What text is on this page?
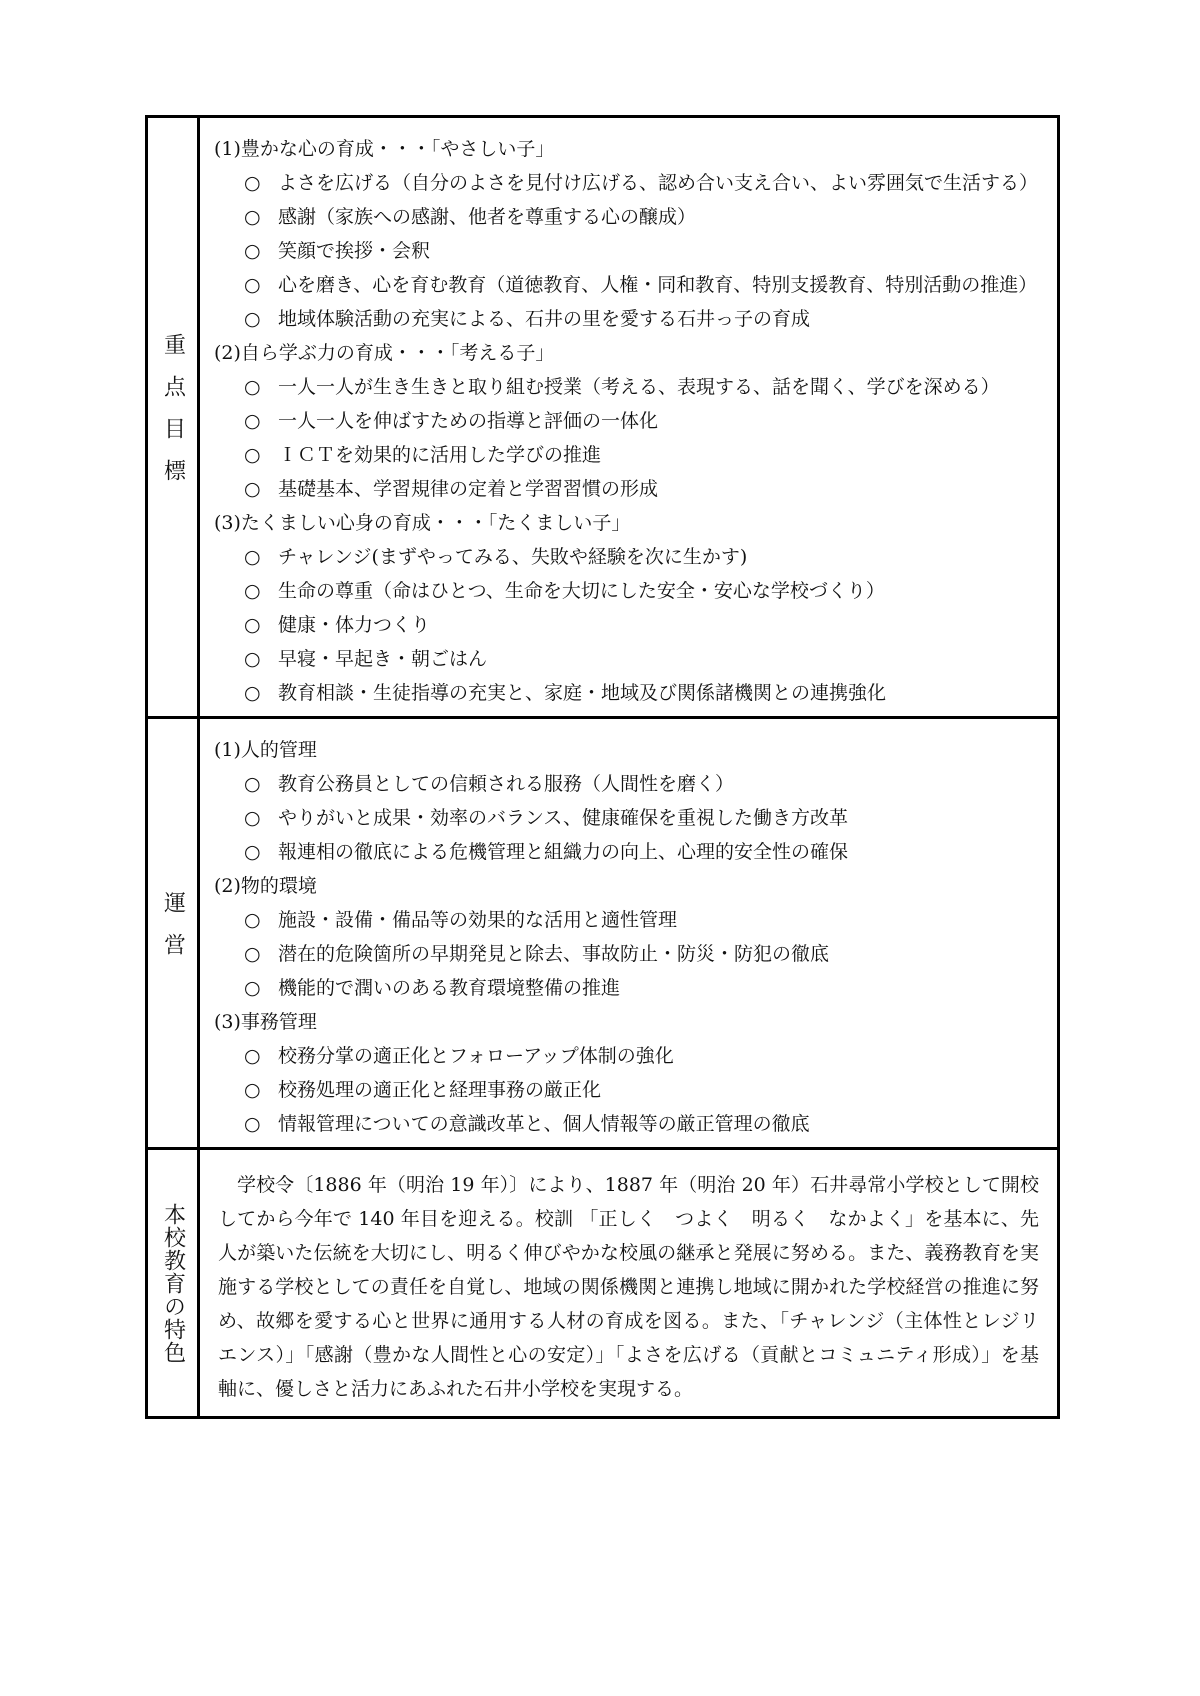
重点目標
(1)豊かな心の育成・・・「やさしい子」
○ よさを広げる（自分のよさを見付け広げる、認め合い支え合い、よい雰囲気で生活する）
○ 感謝（家族への感謝、他者を尊重する心の醸成）
○ 笑顔で挨拶・会釈
○ 心を磨き、心を育む教育（道徳教育、人権・同和教育、特別支援教育、特別活動の推進）
○ 地域体験活動の充実による、石井の里を愛する石井っ子の育成
(2)自ら学ぶ力の育成・・・「考える子」
○ 一人一人が生き生きと取り組む授業（考える、表現する、話を聞く、学びを深める）
○ 一人一人を伸ばすための指導と評価の一体化
○ ＩＣＴを効果的に活用した学びの推進
○ 基礎基本、学習規律の定着と学習習慣の形成
(3)たくましい心身の育成・・・「たくましい子」
○ チャレンジ(まずやってみる、失敗や経験を次に生かす)
○ 生命の尊重（命はひとつ、生命を大切にした安全・安心な学校づくり）
○ 健康・体力つくり
○ 早寝・早起き・朝ごはん
○ 教育相談・生徒指導の充実と、家庭・地域及び関係諸機関との連携強化
運営
(1)人的管理
○ 教育公務員としての信頼される服務（人間性を磨く）
○ やりがいと成果・効率のバランス、健康確保を重視した働き方改革
○ 報連相の徹底による危機管理と組織力の向上、心理的安全性の確保
(2)物的環境
○ 施設・設備・備品等の効果的な活用と適性管理
○ 潜在的危険箇所の早期発見と除去、事故防止・防災・防犯の徹底
○ 機能的で潤いのある教育環境整備の推進
(3)事務管理
○ 校務分掌の適正化とフォローアップ体制の強化
○ 校務処理の適正化と経理事務の厳正化
○ 情報管理についての意識改革と、個人情報等の厳正管理の徹底
本校教育の特色

学校令〔1886 年（明治 19 年）〕により、1887 年（明治 20 年）石井尋常小学校として開校してから今年で 140 年目を迎える。校訓 「正しく　つよく　明るく　なかよく」を基本に、先人が築いた伝統を大切にし、明るく伸びやかな校風の継承と発展に努める。また、義務教育を実施する学校としての責任を自覚し、地域の関係機関と連携し地域に開かれた学校経営の推進に努め、故郷を愛する心と世界に通用する人材の育成を図る。また、「チャレンジ（主体性とレジリエンス）」「感謝（豊かな人間性と心の安定）」「よさを広げる（貢献とコミュニティ形成）」を基軸に、優しさと活力にあふれた石井小学校を実現する。
